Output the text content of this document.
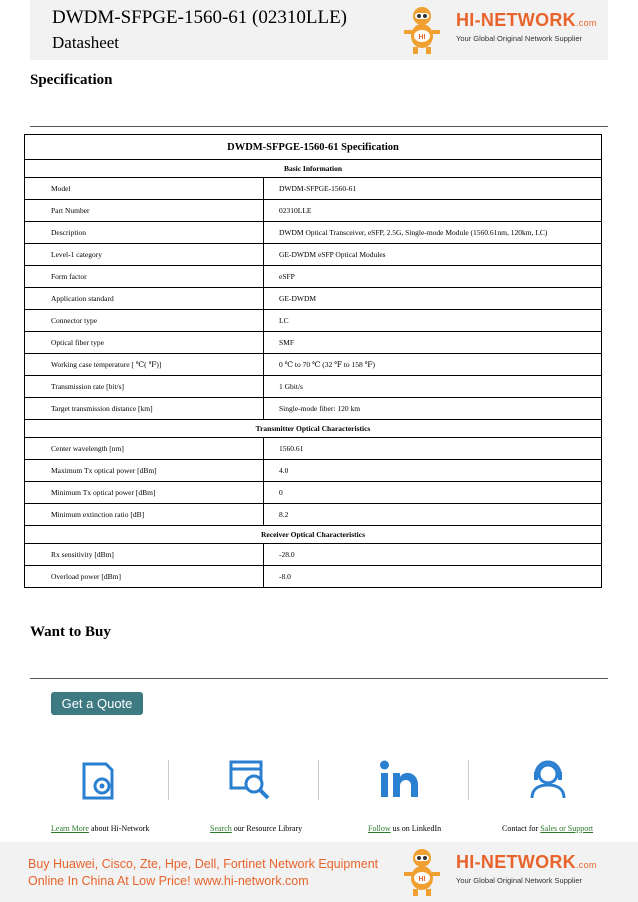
DWDM-SFPGE-1560-61 (02310LLE)
Datasheet	HI
HI-NETWORK.com
Your Global Original Network Supplier
Specification
DWDM-SFPGE-1560-61 Specification	
Basic Information	
Model	DWDM-SFPGE-1560-61
Part Number	02310LLE
Description	DWDM Optical Transceiver, eSFP, 2.5G, Single-mode Module (1560.61nm, 120km, LC)
Level-1 category	GE-DWDM eSFP Optical Modules
Form factor	eSFP
Application standard	GE-DWDM
Connector type	LC
Optical fiber type	SMF
Working case temperature [ ℃( ℉)]	0 ℃ to 70 ℃ (32 ℉ to 158 ℉)
Transmission rate [bit/s]	1 Gbit/s
Target transmission distance [km]	Single-mode fiber: 120 km
Transmitter Optical Characteristics	
Center wavelength [nm]	1560.61
Maximum Tx optical power [dBm]	4.0
Minimum Tx optical power [dBm]	0
Minimum extinction ratio [dB]	8.2
Receiver Optical Characteristics	
Rx sensitivity [dBm]	-28.0
Overload power [dBm]	-8.0
Want to Buy
Get a Quote
Learn More about Hi-Network	Search our Resource Library	Follow us on LinkedIn	Contact for Sales or Support
Buy Huawei, Cisco, Zte, Hpe, Dell, Fortinet Network Equipment
Online In China At Low Price! www.hi-network.com	HI
HI-NETWORK.com
Your Global Original Network Supplier
